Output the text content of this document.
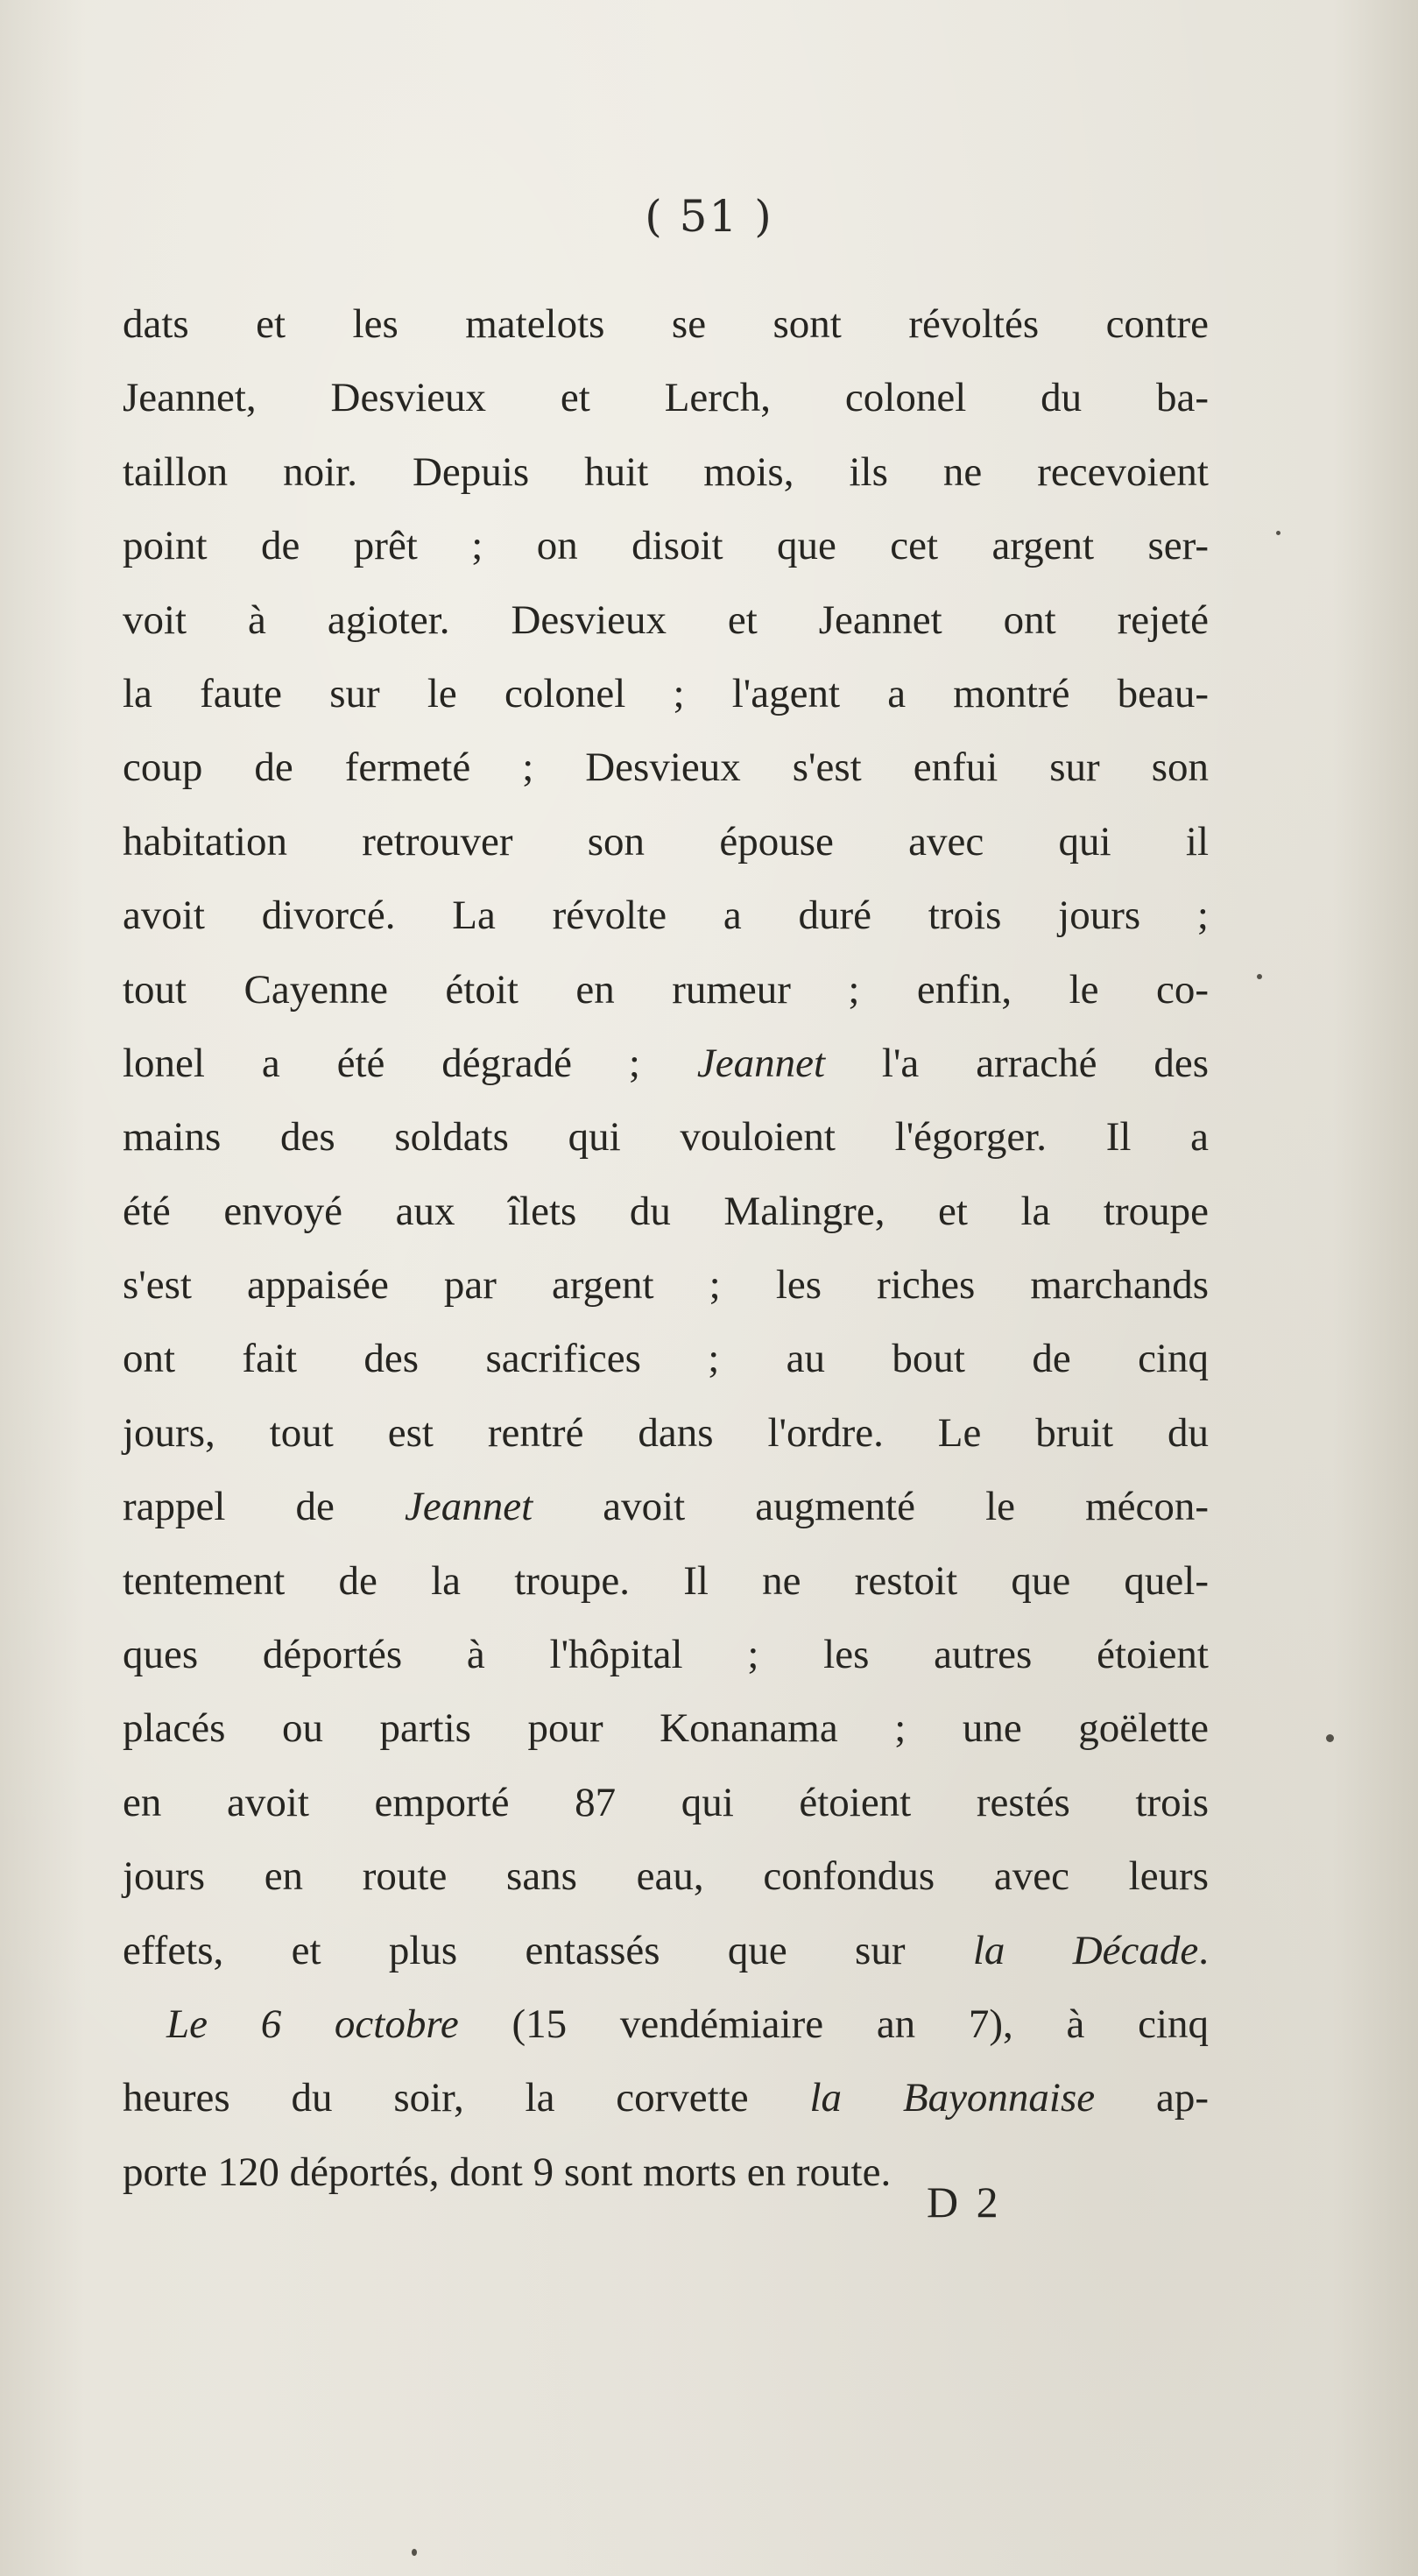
( 51 )
dats et les matelots se sont révoltés contre
Jeannet, Desvieux et Lerch, colonel du ba-
taillon noir. Depuis huit mois, ils ne recevoient
point de prêt ; on disoit que cet argent ser-
voit à agioter. Desvieux et Jeannet ont rejeté
la faute sur le colonel ; l'agent a montré beau-
coup de fermeté ; Desvieux s'est enfui sur son
habitation retrouver son épouse avec qui il
avoit divorcé. La révolte a duré trois jours ;
tout Cayenne étoit en rumeur ; enfin, le co-
lonel a été dégradé ; Jeannet l'a arraché des
mains des soldats qui vouloient l'égorger. Il a
été envoyé aux îlets du Malingre, et la troupe
s'est appaisée par argent ; les riches marchands
ont fait des sacrifices ; au bout de cinq
jours, tout est rentré dans l'ordre. Le bruit du
rappel de Jeannet avoit augmenté le mécon-
tentement de la troupe. Il ne restoit que quel-
ques déportés à l'hôpital ; les autres étoient
placés ou partis pour Konanama ; une goëlette
en avoit emporté 87 qui étoient restés trois
jours en route sans eau, confondus avec leurs
effets, et plus entassés que sur la Décade.
Le 6 octobre (15 vendémiaire an 7), à cinq
heures du soir, la corvette la Bayonnaise ap-
porte 120 déportés, dont 9 sont morts en route.
D 2
